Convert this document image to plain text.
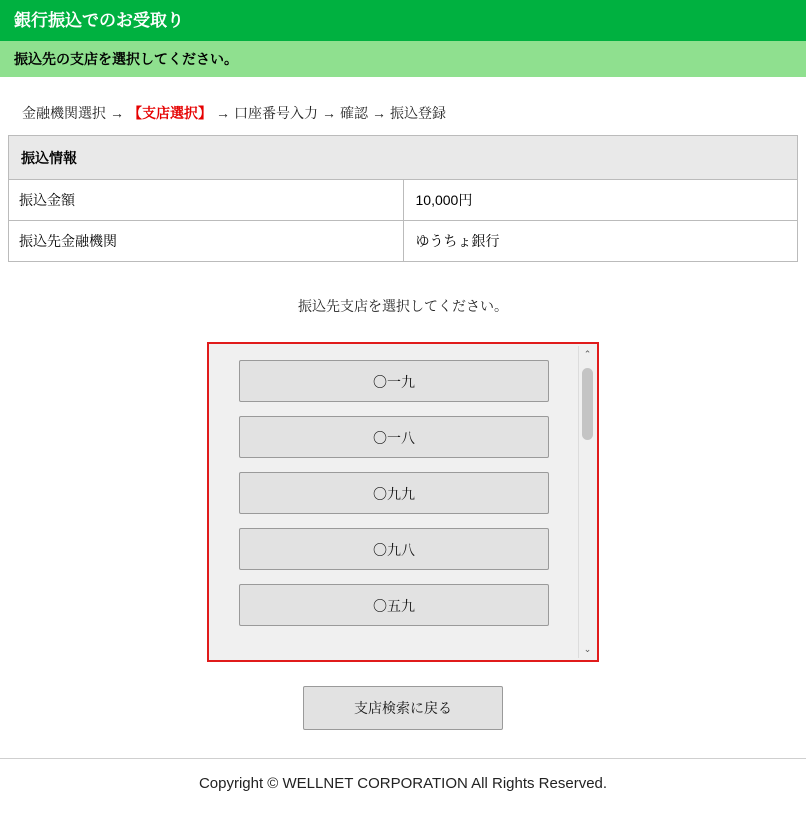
銀行振込でのお受取り
振込先の支店を選択してください。
金融機関選択 → 【支店選択】 → 口座番号入力 → 確認 → 振込登録
振込情報	
振込金額	10,000円
振込先金融機関	ゆうちょ銀行
振込先支店を選択してください。
〇一九
〇一八
〇九九
〇九八
〇五九
⌃
⌄
支店検索に戻る
Copyright © WELLNET CORPORATION All Rights Reserved.
